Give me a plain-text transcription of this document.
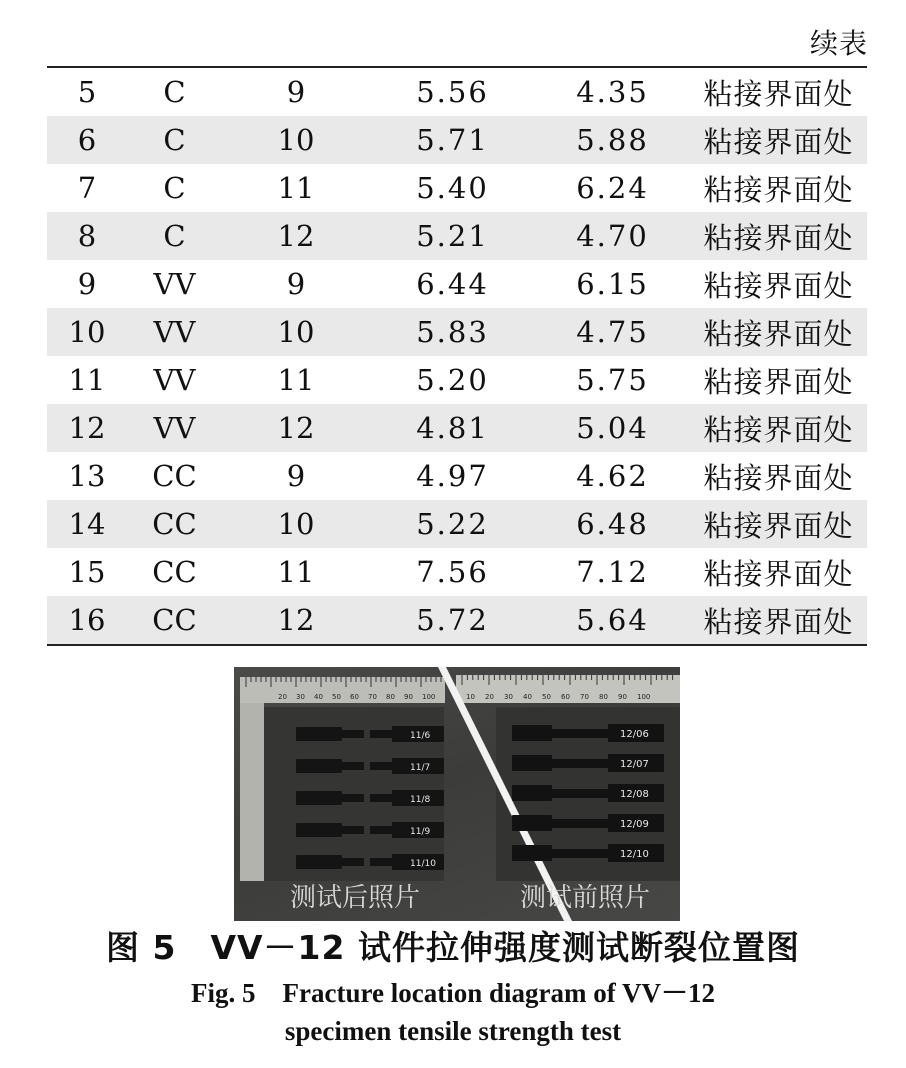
续表
5	C	9	5.56	4.35	粘接界面处
6	C	10	5.71	5.88	粘接界面处
7	C	11	5.40	6.24	粘接界面处
8	C	12	5.21	4.70	粘接界面处
9	VV	9	6.44	6.15	粘接界面处
10	VV	10	5.83	4.75	粘接界面处
11	VV	11	5.20	5.75	粘接界面处
12	VV	12	4.81	5.04	粘接界面处
13	CC	9	4.97	4.62	粘接界面处
14	CC	10	5.22	6.48	粘接界面处
15	CC	11	7.56	7.12	粘接界面处
16	CC	12	5.72	5.64	粘接界面处
20 30 40 50 60 70 80 90 100	10 20 30 40 50 60 70 80 90 100
11/6
11/7
11/8
11/9
11/10
12/06
12/07
12/08
12/09
12/10
测试后照片	测试前照片
图 5　VV－12 试件拉伸强度测试断裂位置图
Fig. 5　Fracture location diagram of VV－12
specimen tensile strength test
